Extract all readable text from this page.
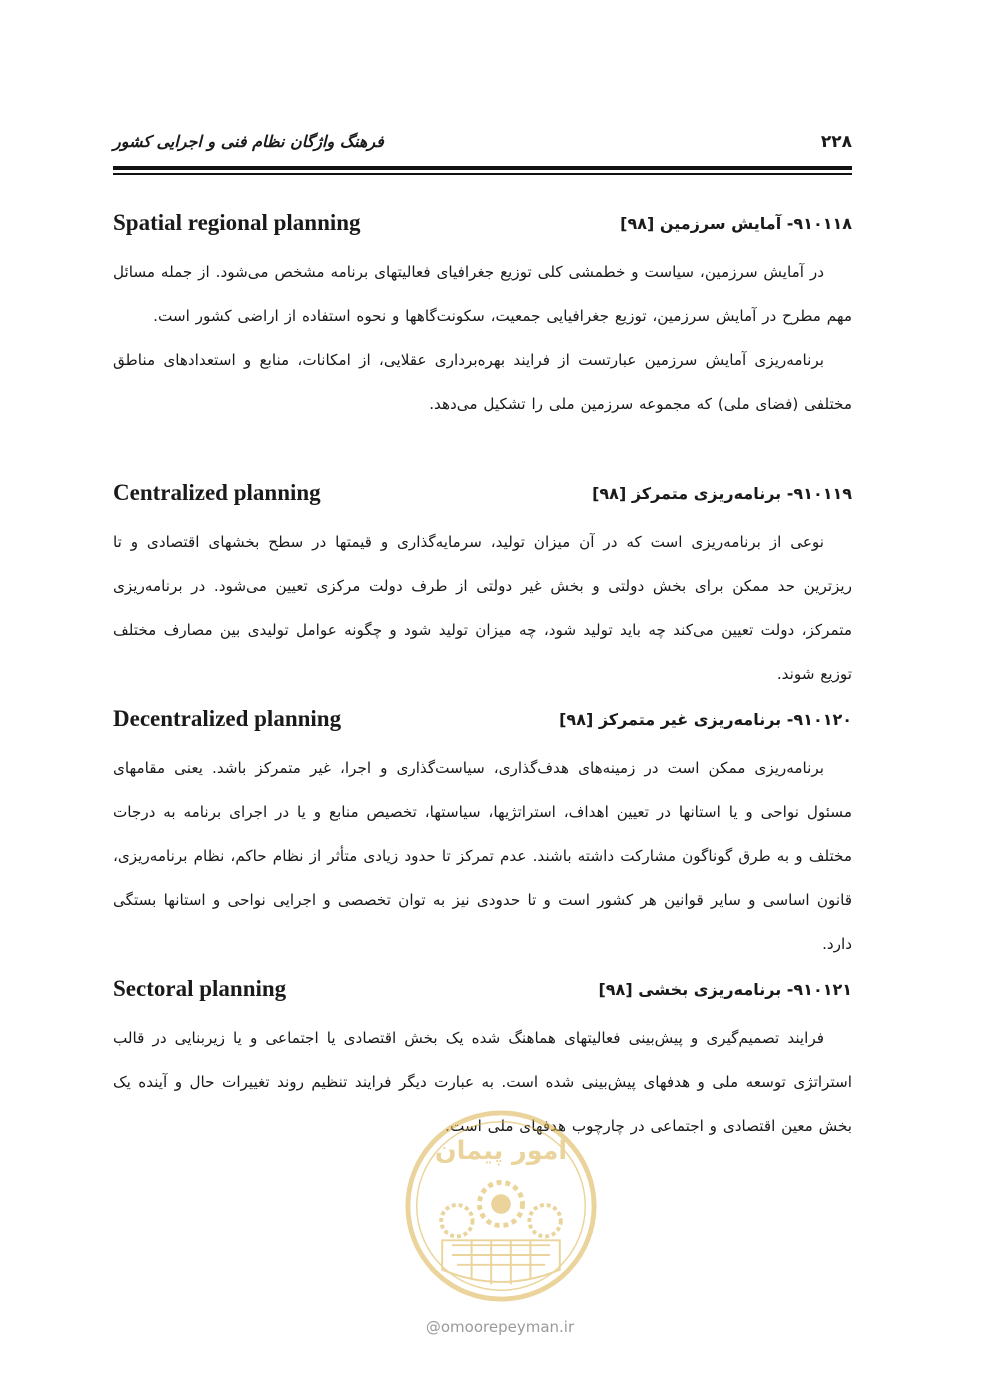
۲۲۸
فرهنگ واژگان نظام فنی و اجرایی کشور
۹۱۰۱۱۸- آمایش سرزمین [۹۸]
Spatial regional planning

در آمایش سرزمین، سیاست و خطمشی کلی توزیع جغرافیای فعالیتهای برنامه مشخص می‌شود. از جمله مسائل مهم مطرح در آمایش سرزمین، توزیع جغرافیایی جمعیت، سکونت‌گاهها و نحوه استفاده از اراضی کشور است.

برنامه‌ریزی آمایش سرزمین عبارتست از فرایند بهره‌برداری عقلایی، از امکانات، منابع و استعدادهای مناطق مختلفی (فضای ملی) که مجموعه سرزمین ملی را تشکیل می‌دهد.

۹۱۰۱۱۹- برنامه‌ریزی متمرکز [۹۸]
Centralized planning

نوعی از برنامه‌ریزی است که در آن میزان تولید، سرمایه‌گذاری و قیمتها در سطح بخشهای اقتصادی و تا ریزترین حد ممکن برای بخش دولتی و بخش غیر دولتی از طرف دولت مرکزی تعیین می‌شود. در برنامه‌ریزی متمرکز، دولت تعیین می‌کند چه باید تولید شود، چه میزان تولید شود و چگونه عوامل تولیدی بین مصارف مختلف توزیع شوند.

۹۱۰۱۲۰- برنامه‌ریزی غیر متمرکز [۹۸]
Decentralized planning

برنامه‌ریزی ممکن است در زمینه‌های هدف‌گذاری، سیاست‌گذاری و اجرا، غیر متمرکز باشد. یعنی مقامهای مسئول نواحی و یا استانها در تعیین اهداف، استراتژیها، سیاستها، تخصیص منابع و یا در اجرای برنامه به درجات مختلف و به طرق گوناگون مشارکت داشته باشند. عدم تمرکز تا حدود زیادی متأثر از نظام حاکم، نظام برنامه‌ریزی، قانون اساسی و سایر قوانین هر کشور است و تا حدودی نیز به توان تخصصی و اجرایی نواحی و استانها بستگی دارد.

۹۱۰۱۲۱- برنامه‌ریزی بخشی [۹۸]
Sectoral planning

فرایند تصمیم‌گیری و پیش‌بینی فعالیتهای هماهنگ شده یک بخش اقتصادی یا اجتماعی و یا زیربنایی در قالب استراتژی توسعه ملی و هدفهای پیش‌بینی شده است. به عبارت دیگر فرایند تنظیم روند تغییرات حال و آینده یک بخش معین اقتصادی و اجتماعی در چارچوب هدفهای ملی است.

امور پیمان
@omoorepeyman.ir
